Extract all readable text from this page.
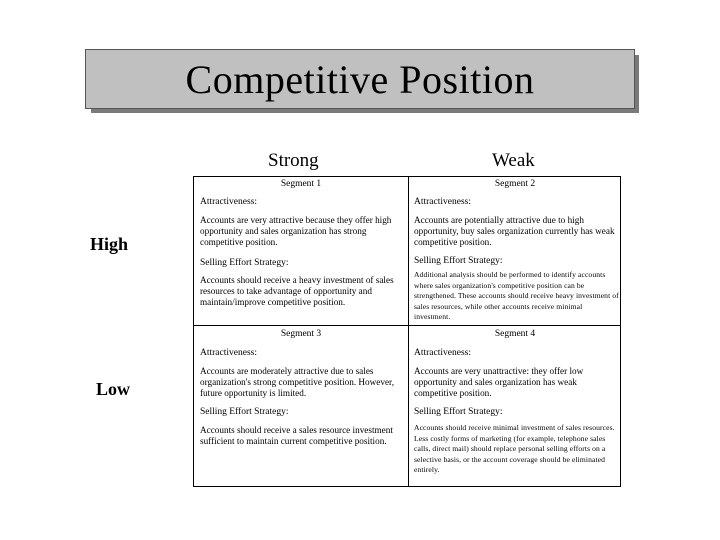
Competitive Position
Strong	Weak
High
Low
Segment 1
Attractiveness:
Accounts are very attractive because they offer high opportunity and sales organization has strong competitive position.
Selling Effort Strategy:
Accounts should receive a heavy investment of sales resources to take advantage of opportunity and maintain/improve competitive position.
Segment 2
Attractiveness:
Accounts are potentially attractive due to high opportunity, buy sales organization currently has weak competitive position.
Selling Effort Strategy:
Additional analysis should be performed to identify accounts where sales organization's competitive position can be strengthened. These accounts should receive heavy investment of sales resources, while other accounts receive minimal investment.
Segment 3
Attractiveness:
Accounts are moderately attractive due to sales organization's strong competitive position. However, future opportunity is limited.
Selling Effort Strategy:
Accounts should receive a sales resource investment sufficient to maintain current competitive position.
Segment 4
Attractiveness:
Accounts are very unattractive: they offer low opportunity and sales organization has weak competitive position.
Selling Effort Strategy:
Accounts should receive minimal investment of sales resources. Less costly forms of marketing (for example, telephone sales calls, direct mail) should replace personal selling efforts on a selective basis, or the account coverage should be eliminated entirely.
